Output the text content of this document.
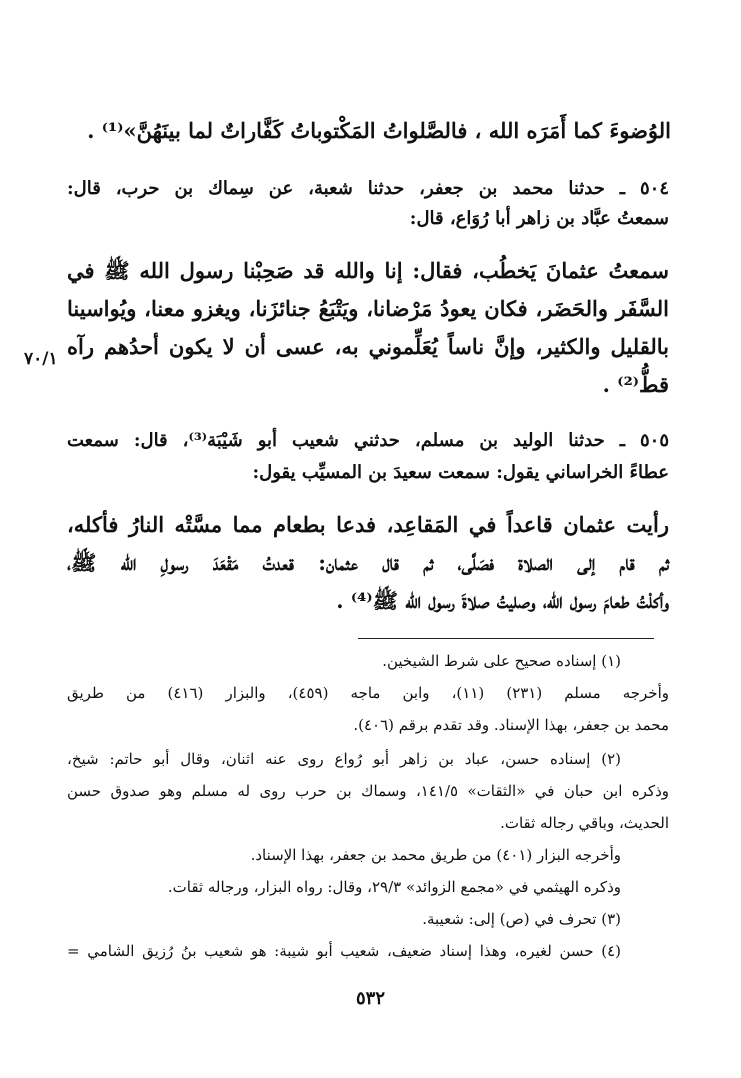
الوُضوءَ كما أَمَرَه الله ، فالصَّلواتُ المَكْتوباتُ كَفَّاراتٌ لما بينَهُنَّ»⁽¹⁾ .
٥٠٤ ـ حدثنا محمد بن جعفر، حدثنا شعبة، عن سِماك بن حرب، قال:
سمعتُ عبَّاد بن زاهر أبا رُوَاع، قال:
سمعتُ عثمانَ يَخطُب، فقال: إنا والله قد صَحِبْنا رسول الله ﷺ في
السَّفَر والحَضَر، فكان يعودُ مَرْضانا، ويَتْبَعُ جنائزَنا، ويغزو معنا، ويُواسينا
بالقليل والكثير، وإنَّ ناساً يُعَلِّموني به، عسى أن لا يكون أحدُهم رآه
قطُّ⁽²⁾ .
٧٠/١
٥٠٥ ـ حدثنا الوليد بن مسلم، حدثني شعيب أبو شَيْبَة⁽³⁾، قال: سمعت
عطاءً الخراساني يقول: سمعت سعيدَ بن المسيِّب يقول:
رأيت عثمان قاعداً في المَقاعِد، فدعا بطعام مما مسَّتْه النارُ فأكله،
ثم قام إلى الصلاة فصَلَّى، ثم قال عثمان: قعدتُ مَقْعَدَ رسولِ الله ﷺ،
وأكلْتُ طعامَ رسول الله، وصليتُ صلاةَ رسول الله ﷺ⁽⁴⁾ .
(١) إسناده صحيح على شرط الشيخين.
وأخرجه مسلم (٢٣١) (١١)، وابن ماجه (٤٥٩)، والبزار (٤١٦) من طريق
محمد بن جعفر، بهذا الإسناد. وقد تقدم برقم (٤٠٦).
(٢) إسناده حسن، عباد بن زاهر أبو رُواع روى عنه اثنان، وقال أبو حاتم: شيخ،
وذكره ابن حبان في «الثقات» ١٤١/٥، وسماك بن حرب روى له مسلم وهو صدوق حسن
الحديث، وباقي رجاله ثقات.
وأخرجه البزار (٤٠١) من طريق محمد بن جعفر، بهذا الإسناد.
وذكره الهيثمي في «مجمع الزوائد» ٢٩/٣، وقال: رواه البزار، ورجاله ثقات.
(٣) تحرف في (ص) إلى: شعيبة.
(٤) حسن لغيره، وهذا إسناد ضعيف، شعيب أبو شيبة: هو شعيب بنُ رُزيق الشامي =
٥٣٢
